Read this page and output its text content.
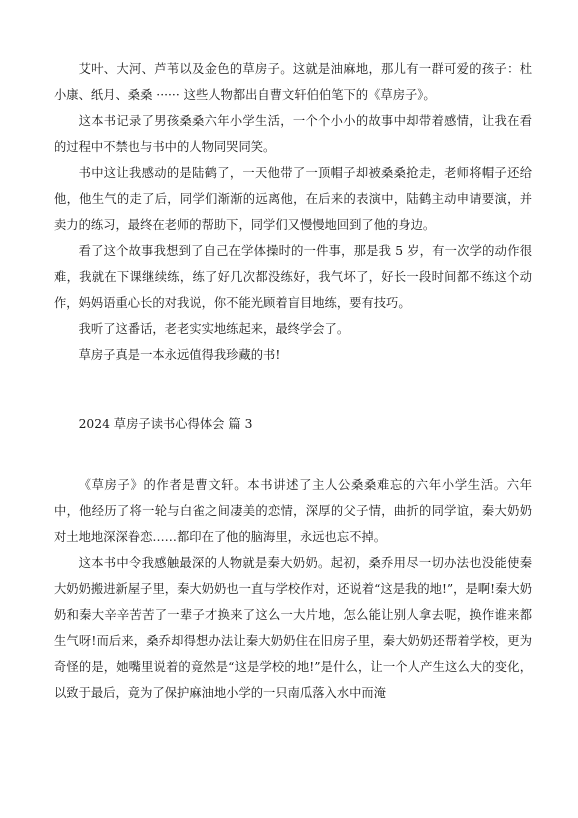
艾叶、大河、芦苇以及金色的草房子。这就是油麻地，那儿有一群可爱的孩子：杜小康、纸月、桑桑 ······ 这些人物都出自曹文轩伯伯笔下的《草房子》。

这本书记录了男孩桑桑六年小学生活，一个个小小的故事中却带着感情，让我在看的过程中不禁也与书中的人物同哭同笑。

书中这让我感动的是陆鹤了，一天他带了一顶帽子却被桑桑抢走，老师将帽子还给他，他生气的走了后，同学们渐渐的远离他，在后来的表演中，陆鹤主动申请要演，并卖力的练习，最终在老师的帮助下，同学们又慢慢地回到了他的身边。

看了这个故事我想到了自己在学体操时的一件事，那是我 5 岁，有一次学的动作很难，我就在下课继续练，练了好几次都没练好，我气坏了，好长一段时间都不练这个动作，妈妈语重心长的对我说，你不能光顾着盲目地练，要有技巧。

我听了这番话，老老实实地练起来，最终学会了。

草房子真是一本永远值得我珍藏的书!

2024 草房子读书心得体会 篇 3

《草房子》的作者是曹文轩。本书讲述了主人公桑桑难忘的六年小学生活。六年中，他经历了将一轮与白雀之间凄美的恋情，深厚的父子情，曲折的同学谊，秦大奶奶对土地地深深眷恋……都印在了他的脑海里，永远也忘不掉。

这本书中令我感触最深的人物就是秦大奶奶。起初，桑乔用尽一切办法也没能使秦大奶奶搬进新屋子里，秦大奶奶也一直与学校作对，还说着“这是我的地!”，是啊!秦大奶奶和秦大辛辛苦苦了一辈子才换来了这么一大片地，怎么能让别人拿去呢，换作谁来都生气呀!而后来，桑乔却得想办法让秦大奶奶住在旧房子里，秦大奶奶还帮着学校，更为奇怪的是，她嘴里说着的竟然是“这是学校的地!”是什么，让一个人产生这么大的变化，以致于最后，竟为了保护麻油地小学的一只南瓜落入水中而淹
